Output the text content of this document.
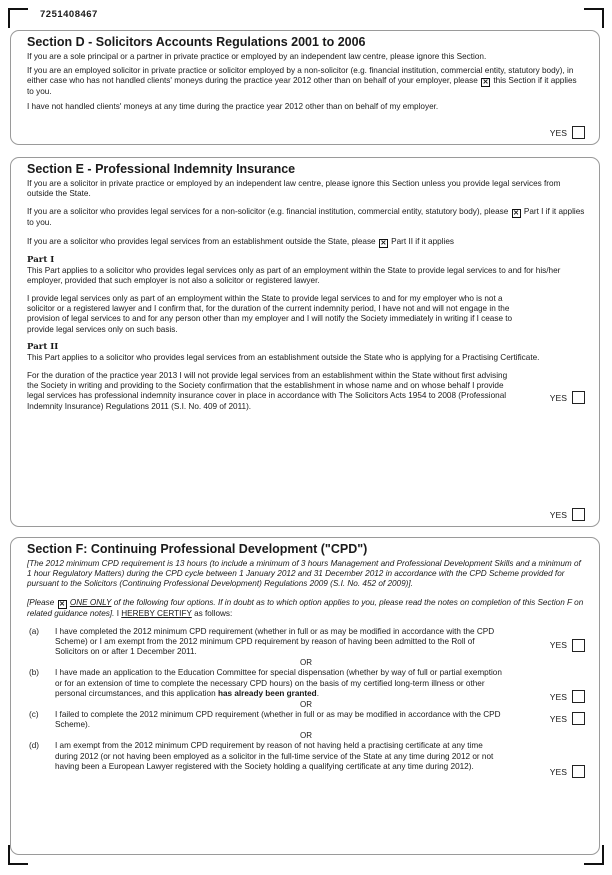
7251408467
Section D - Solicitors Accounts Regulations 2001 to 2006

If you are a sole principal or a partner in private practice or employed by an independent law centre, please ignore this Section.

If you are an employed solicitor in private practice or solicitor employed by a non-solicitor (e.g. financial institution, commercial entity, statutory body), in either case who has not handled clients' moneys during the practice year 2012 other than on behalf of your employer, please ✕ this Section if it applies to you.

I have not handled clients' moneys at any time during the practice year 2012 other than on behalf of my employer.

YES
Section E - Professional Indemnity Insurance

If you are a solicitor in private practice or employed by an independent law centre, please ignore this Section unless you provide legal services from outside the State.

If you are a solicitor who provides legal services for a non-solicitor (e.g. financial institution, commercial entity, statutory body), please ✕ Part I if it applies to you.

If you are a solicitor who provides legal services from an establishment outside the State, please ✕ Part II if it applies

Part I

This Part applies to a solicitor who provides legal services only as part of an employment within the State to provide legal services to and for his/her employer, provided that such employer is not also a solicitor or registered lawyer.

I provide legal services only as part of an employment within the State to provide legal services to and for my employer who is not a solicitor or a registered lawyer and I confirm that, for the duration of the current indemnity period, I have not and will not engage in the provision of legal services to and for any person other than my employer and I will notify the Society immediately in writing if I cease to provide legal services only on such basis.

YES
Part II

This Part applies to a solicitor who provides legal services from an establishment outside the State who is applying for a Practising Certificate.

For the duration of the practice year 2013 I will not provide legal services from an establishment within the State without first advising the Society in writing and providing to the Society confirmation that the establishment in whose name and on whose behalf I provide legal services has professional indemnity insurance cover in place in accordance with The Solicitors Acts 1954 to 2008 (Professional Indemnity Insurance) Regulations 2011 (S.I. No. 409 of 2011).

YES
Section F: Continuing Professional Development ("CPD")

[The 2012 minimum CPD requirement is 13 hours (to include a minimum of 3 hours Management and Professional Development Skills and a minimum of 1 hour Regulatory Matters) during the CPD cycle between 1 January 2012 and 31 December 2012 in accordance with the CPD Scheme provided for pursuant to the Solicitors (Continuing Professional Development) Regulations 2009 (S.I. No. 452 of 2009)].

[Please ✕ ONE ONLY of the following four options. If in doubt as to which option applies to you, please read the notes on completion of this Section F on related guidance notes]. I HEREBY CERTIFY as follows:

(a) I have completed the 2012 minimum CPD requirement (whether in full or as may be modified in accordance with the CPD Scheme) or I am exempt from the 2012 minimum CPD requirement by reason of having been admitted to the Roll of Solicitors on or after 1 December 2011.

YES
OR
(b) I have made an application to the Education Committee for special dispensation (whether by way of full or partial exemption or for an extension of time to complete the necessary CPD hours) on the basis of my certified long-term illness or other personal circumstances, and this application has already been granted.	YES
OR
(c) I failed to complete the 2012 minimum CPD requirement (whether in full or as may be modified in accordance with the CPD Scheme).

YES
OR
(d) I am exempt from the 2012 minimum CPD requirement by reason of not having held a practising certificate at any time during 2012 (or not having been employed as a solicitor in the full-time service of the State at any time during 2012 or not having been a European Lawyer registered with the Society holding a qualifying certificate at any time during 2012).

YES
